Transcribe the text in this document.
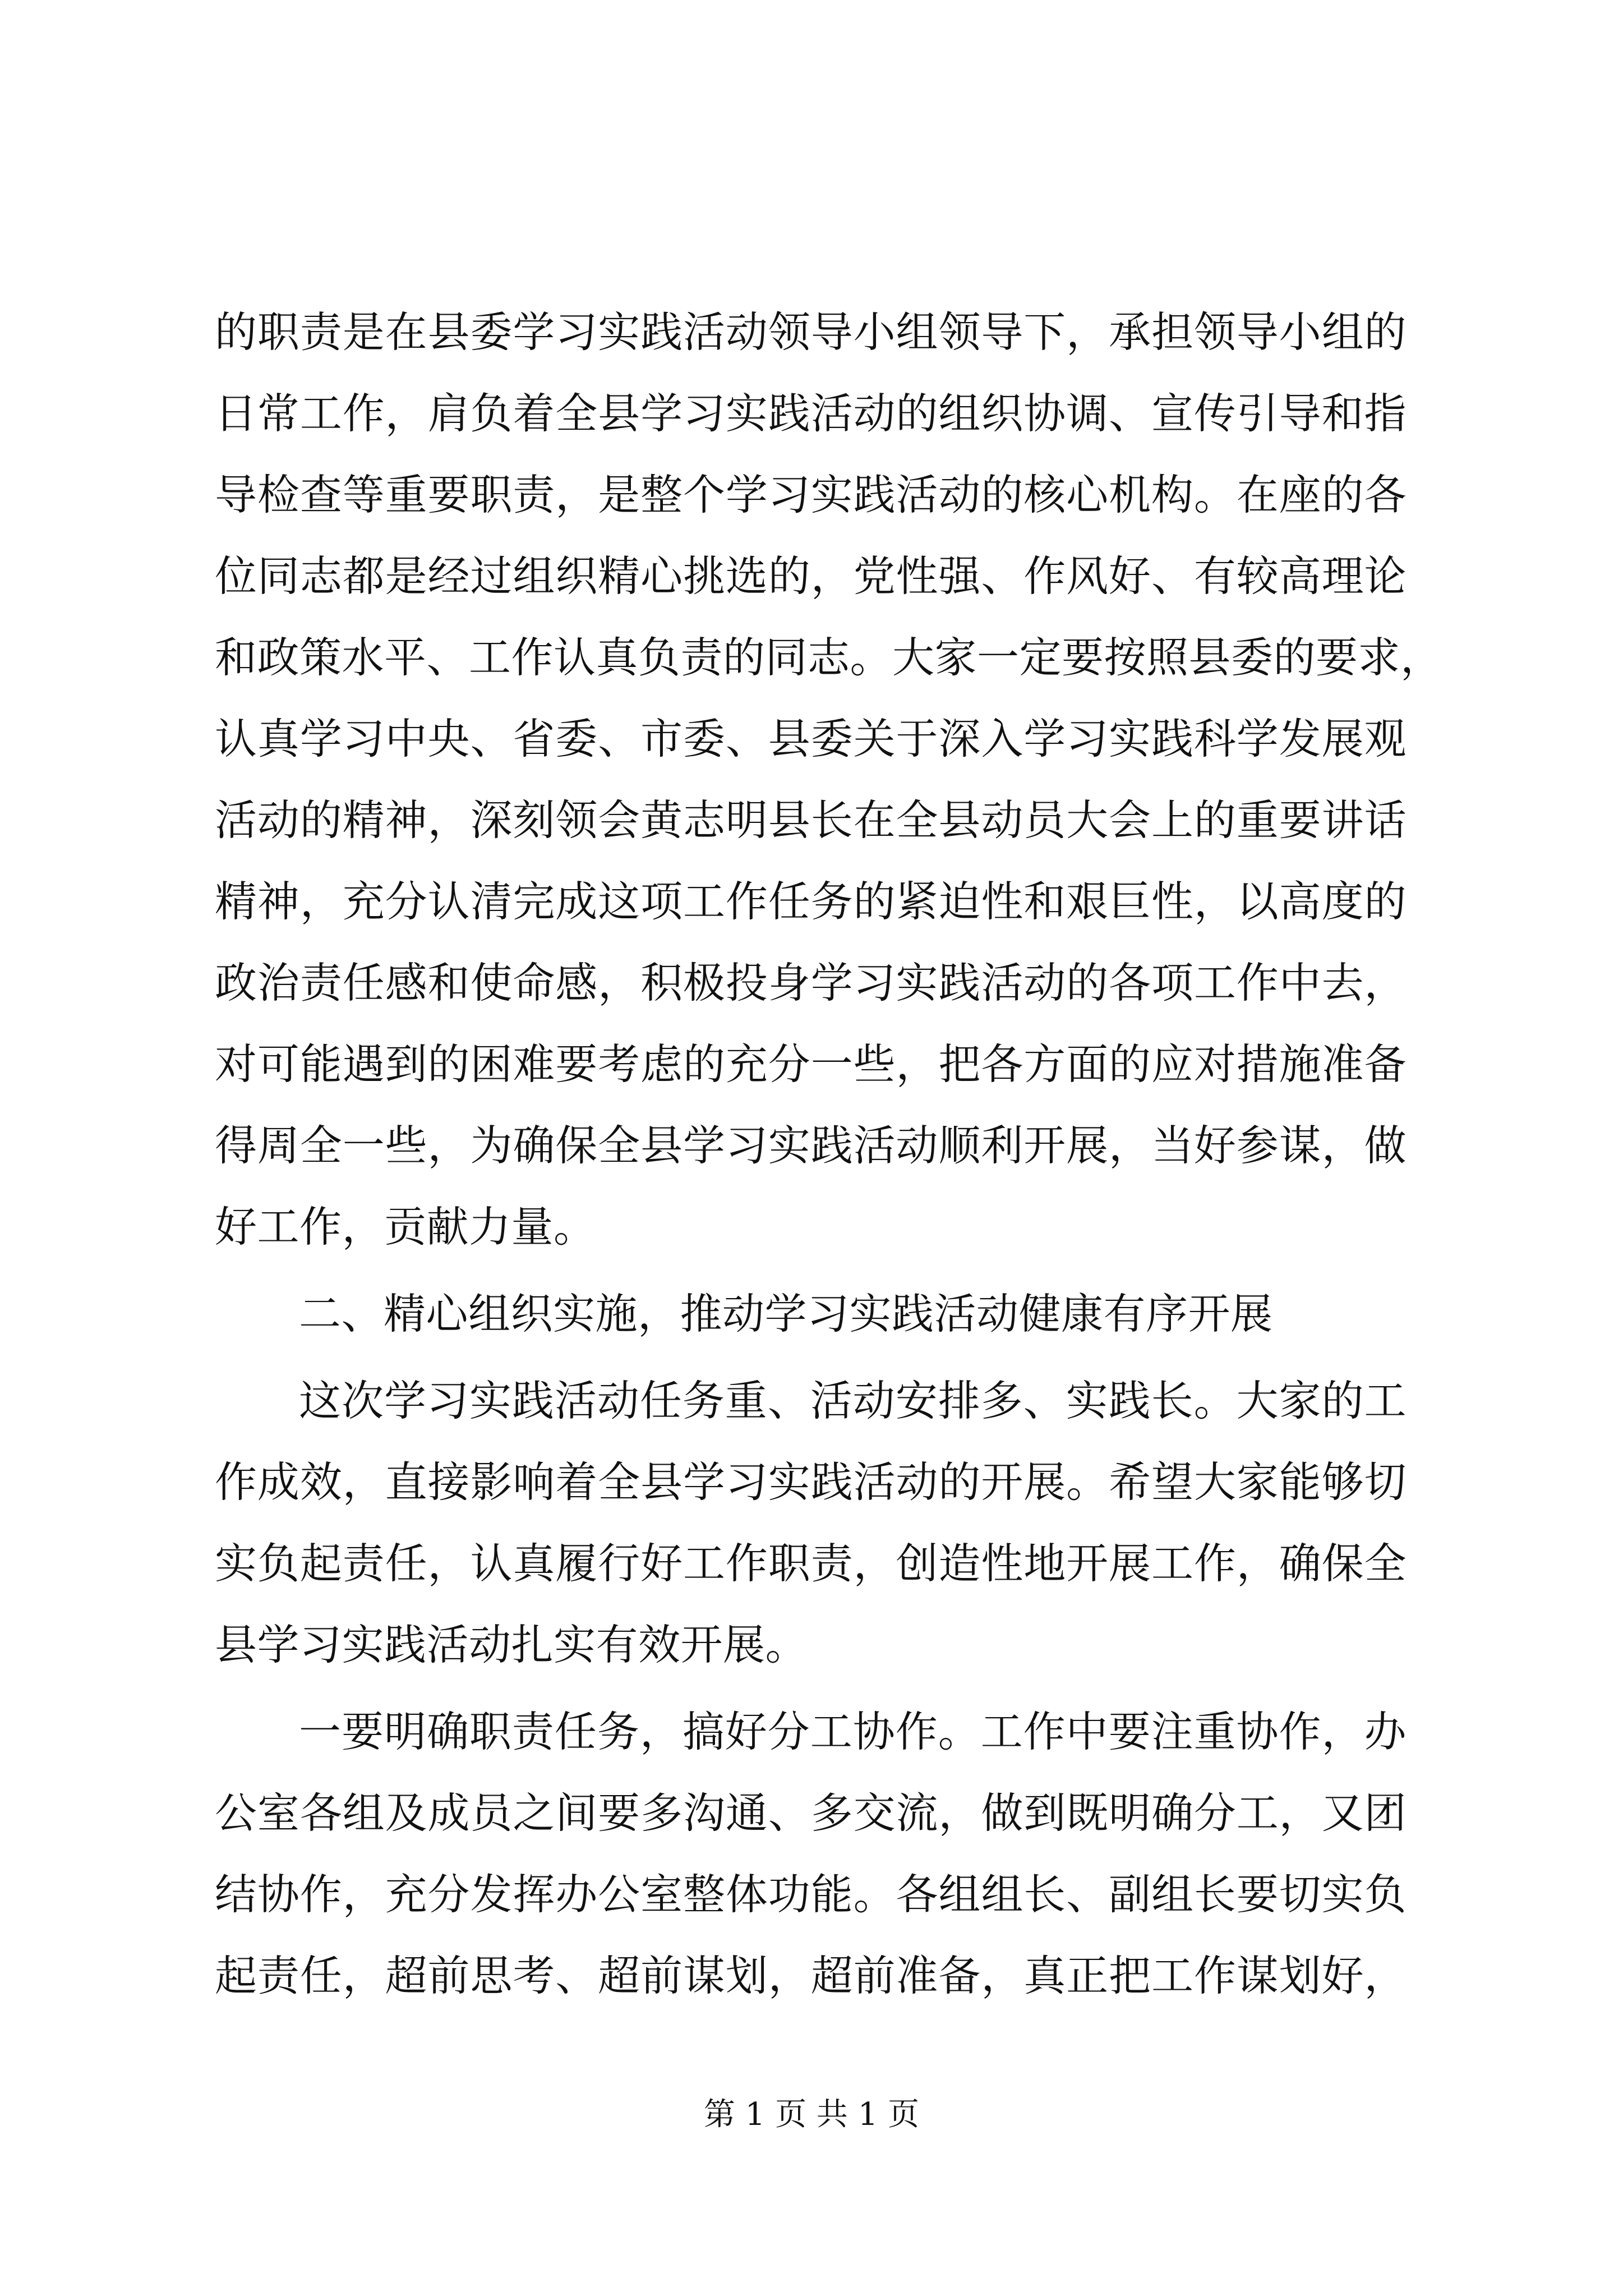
的职责是在县委学习实践活动领导小组领导下，承担领导小组的
日常工作，肩负着全县学习实践活动的组织协调、宣传引导和指
导检查等重要职责，是整个学习实践活动的核心机构。在座的各
位同志都是经过组织精心挑选的，党性强、作风好、有较高理论
和政策水平、工作认真负责的同志。大家一定要按照县委的要求，
认真学习中央、省委、市委、县委关于深入学习实践科学发展观
活动的精神，深刻领会黄志明县长在全县动员大会上的重要讲话
精神，充分认清完成这项工作任务的紧迫性和艰巨性，以高度的
政治责任感和使命感，积极投身学习实践活动的各项工作中去，
对可能遇到的困难要考虑的充分一些，把各方面的应对措施准备
得周全一些，为确保全县学习实践活动顺利开展，当好参谋，做
好工作，贡献力量。
二、精心组织实施，推动学习实践活动健康有序开展
这次学习实践活动任务重、活动安排多、实践长。大家的工
作成效，直接影响着全县学习实践活动的开展。希望大家能够切
实负起责任，认真履行好工作职责，创造性地开展工作，确保全
县学习实践活动扎实有效开展。
一要明确职责任务，搞好分工协作。工作中要注重协作，办
公室各组及成员之间要多沟通、多交流，做到既明确分工，又团
结协作，充分发挥办公室整体功能。各组组长、副组长要切实负
起责任，超前思考、超前谋划，超前准备，真正把工作谋划好，
第 1 页 共 1 页
